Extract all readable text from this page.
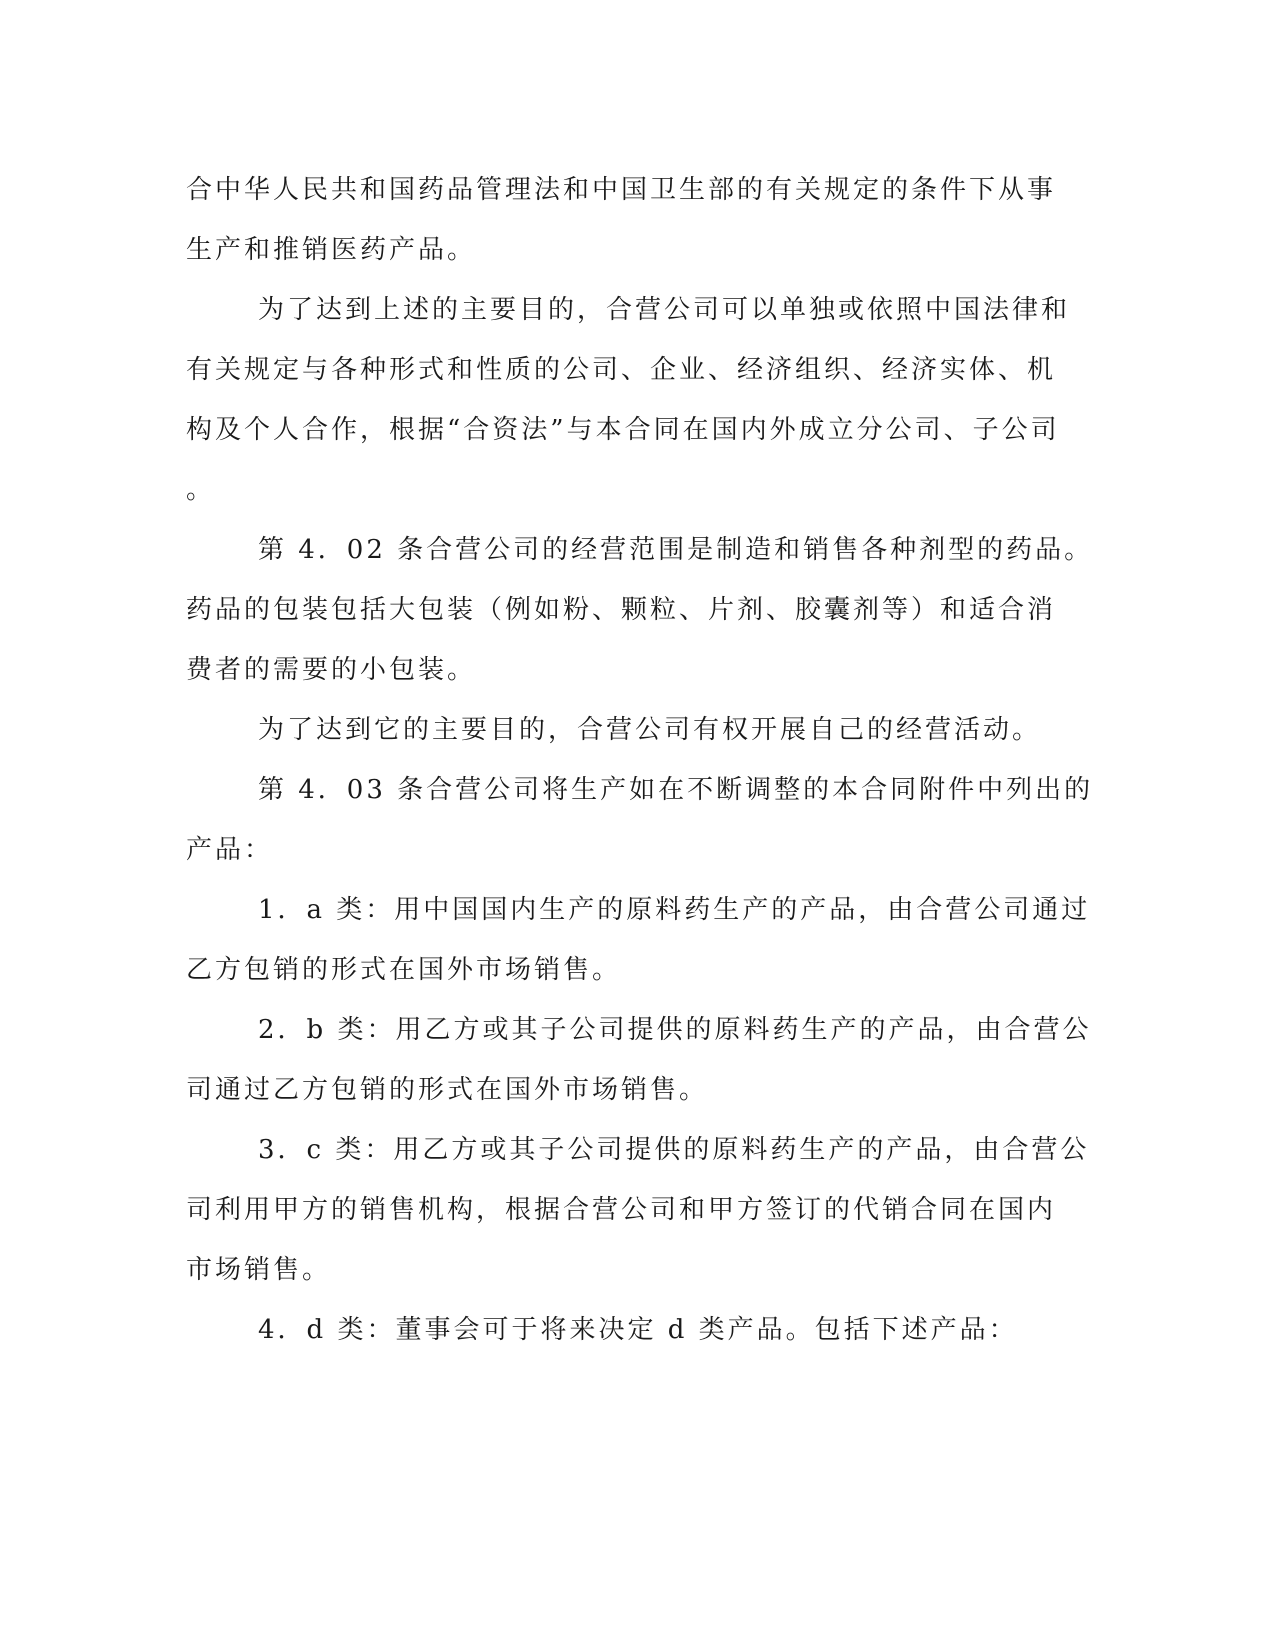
合中华人民共和国药品管理法和中国卫生部的有关规定的条件下从事
生产和推销医药产品。
为了达到上述的主要目的，合营公司可以单独或依照中国法律和
有关规定与各种形式和性质的公司、企业、经济组织、经济实体、机
构及个人合作，根据“合资法”与本合同在国内外成立分公司、子公司
。
第 4．02 条合营公司的经营范围是制造和销售各种剂型的药品。
药品的包装包括大包装（例如粉、颗粒、片剂、胶囊剂等）和适合消
费者的需要的小包装。
为了达到它的主要目的，合营公司有权开展自己的经营活动。
第 4．03 条合营公司将生产如在不断调整的本合同附件中列出的
产品：
1．a 类：用中国国内生产的原料药生产的产品，由合营公司通过
乙方包销的形式在国外市场销售。
2．b 类：用乙方或其子公司提供的原料药生产的产品，由合营公
司通过乙方包销的形式在国外市场销售。
3．c 类：用乙方或其子公司提供的原料药生产的产品，由合营公
司利用甲方的销售机构，根据合营公司和甲方签订的代销合同在国内
市场销售。
4．d 类：董事会可于将来决定 d 类产品。包括下述产品：
